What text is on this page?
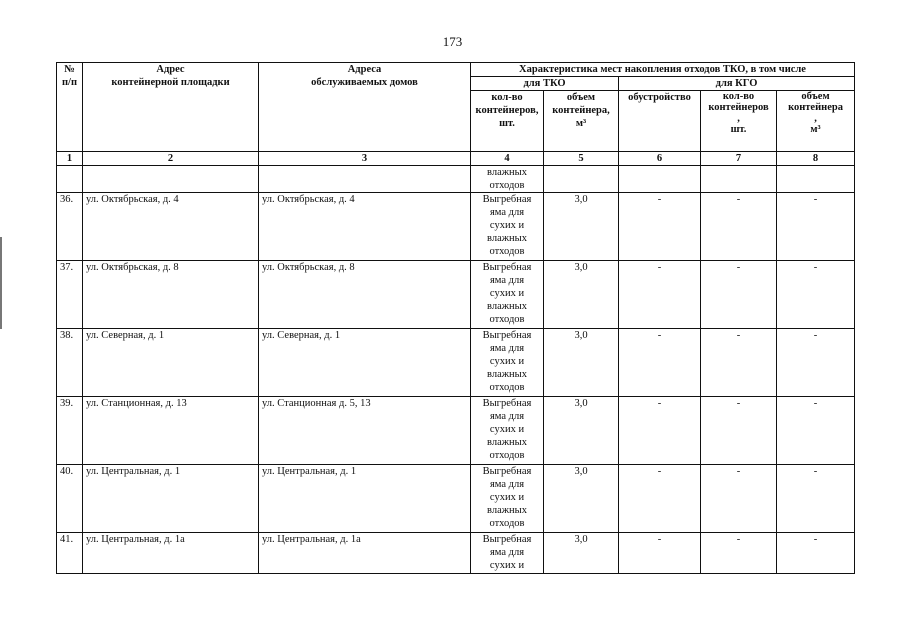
173
№
п/п	Адрес
контейнерной площадки	Адреса
обслуживаемых домов	Характеристика мест накопления отходов ТКО, в том числе				
			для ТКО		для КГО		
			кол-во
контейнеров,
шт.	объем
контейнера,
м³	обустройство	кол-во
контейнеров
,
шт.	объем
контейнера
,
м³
1	2	3	4	5	6	7	8
			влажных
отходов				
36.	ул. Октябрьская, д. 4	ул. Октябрьская, д. 4	Выгребная
яма для
сухих и
влажных
отходов	3,0	-	-	-
37.	ул. Октябрьская, д. 8	ул. Октябрьская, д. 8	Выгребная
яма для
сухих и
влажных
отходов	3,0	-	-	-
38.	ул. Северная, д. 1	ул. Северная, д. 1	Выгребная
яма для
сухих и
влажных
отходов	3,0	-	-	-
39.	ул. Станционная, д. 13	ул. Станционная д. 5, 13	Выгребная
яма для
сухих и
влажных
отходов	3,0	-	-	-
40.	ул. Центральная, д. 1	ул. Центральная, д. 1	Выгребная
яма для
сухих и
влажных
отходов	3,0	-	-	-
41.	ул. Центральная, д. 1а	ул. Центральная, д. 1а	Выгребная
яма для
сухих и	3,0	-	-	-
